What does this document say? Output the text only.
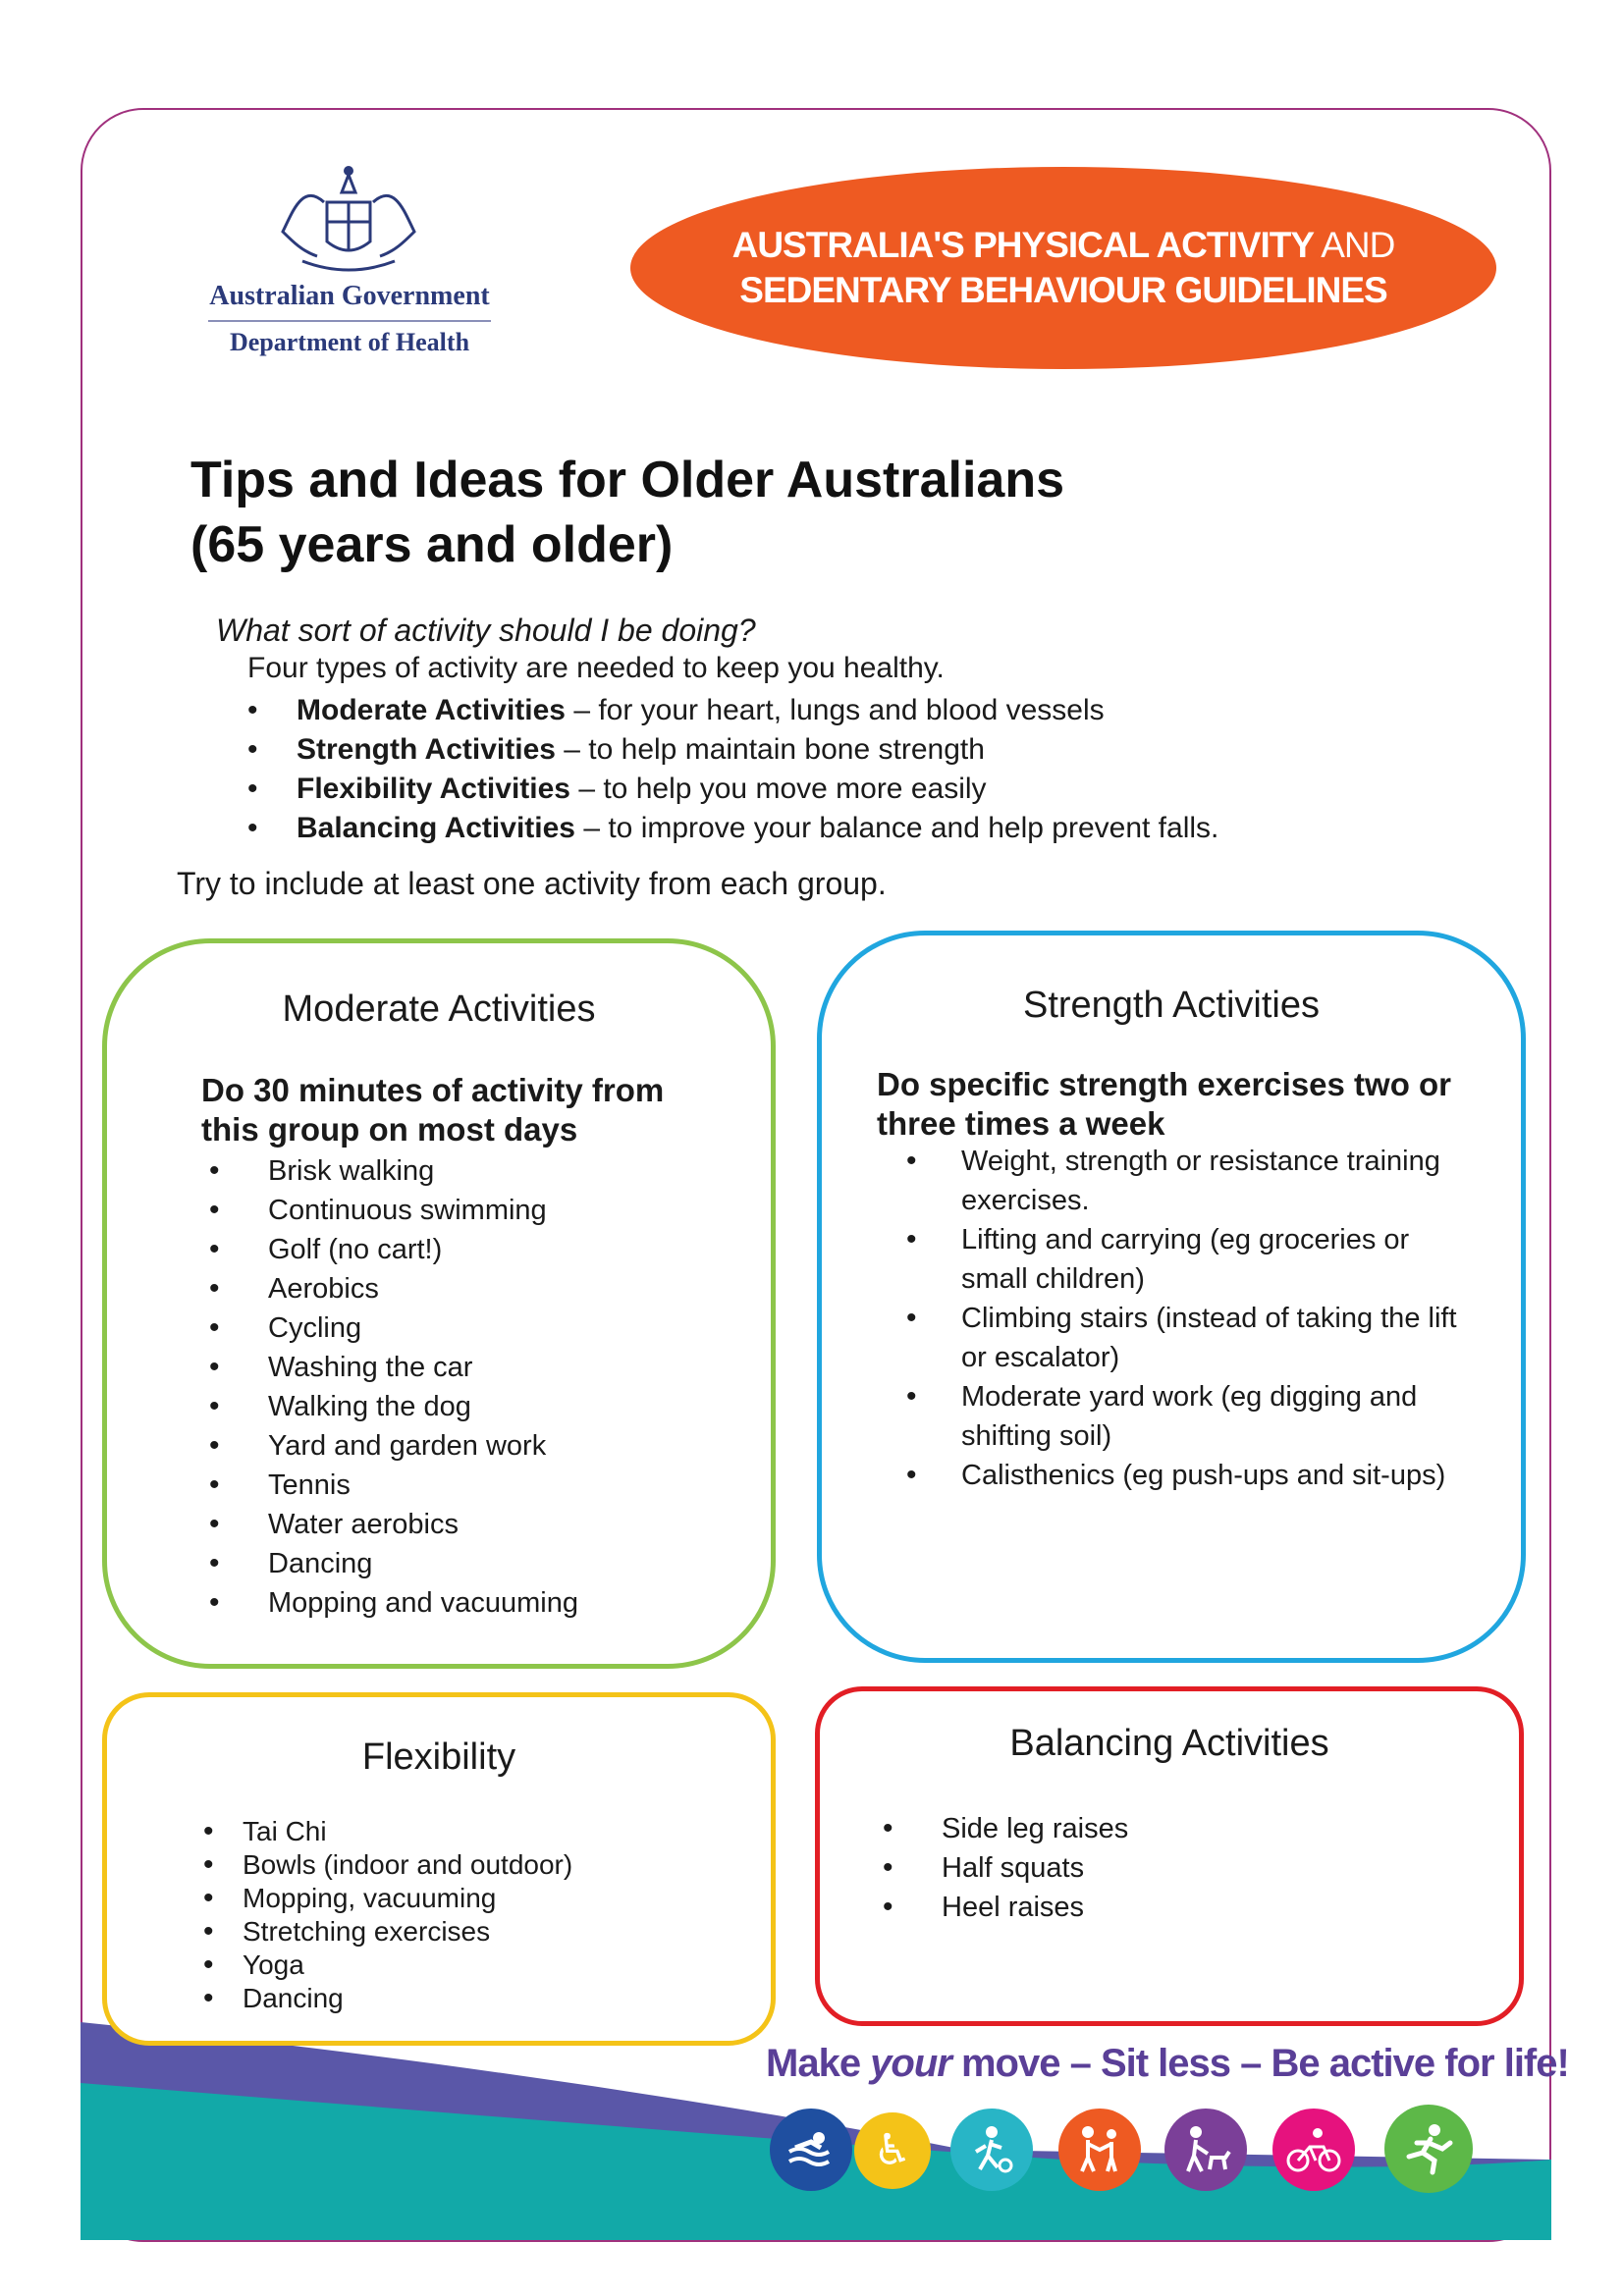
Australian Government
Department of Health
AUSTRALIA'S PHYSICAL ACTIVITY AND
SEDENTARY BEHAVIOUR GUIDELINES
Tips and Ideas for Older Australians
(65 years and older)
What sort of activity should I be doing?
Four types of activity are needed to keep you healthy.
• Moderate Activities – for your heart, lungs and blood vessels
• Strength Activities – to help maintain bone strength
• Flexibility Activities – to help you move more easily
• Balancing Activities – to improve your balance and help prevent falls.
Try to include at least one activity from each group.
Moderate Activities
Do 30 minutes of activity from
this group on most days
• Brisk walking
• Continuous swimming
• Golf (no cart!)
• Aerobics
• Cycling
• Washing the car
• Walking the dog
• Yard and garden work
• Tennis
• Water aerobics
• Dancing
• Mopping and vacuuming
Strength Activities
Do specific strength exercises two or
three times a week
• Weight, strength or resistance training
exercises.
• Lifting and carrying (eg groceries or
small children)
• Climbing stairs (instead of taking the lift
or escalator)
• Moderate yard work (eg digging and
shifting soil)
• Calisthenics (eg push-ups and sit-ups)
Flexibility
• Tai Chi
• Bowls (indoor and outdoor)
• Mopping, vacuuming
• Stretching exercises
• Yoga
• Dancing
Balancing Activities
• Side leg raises
• Half squats
• Heel raises
Make your move – Sit less – Be active for life!
♿
